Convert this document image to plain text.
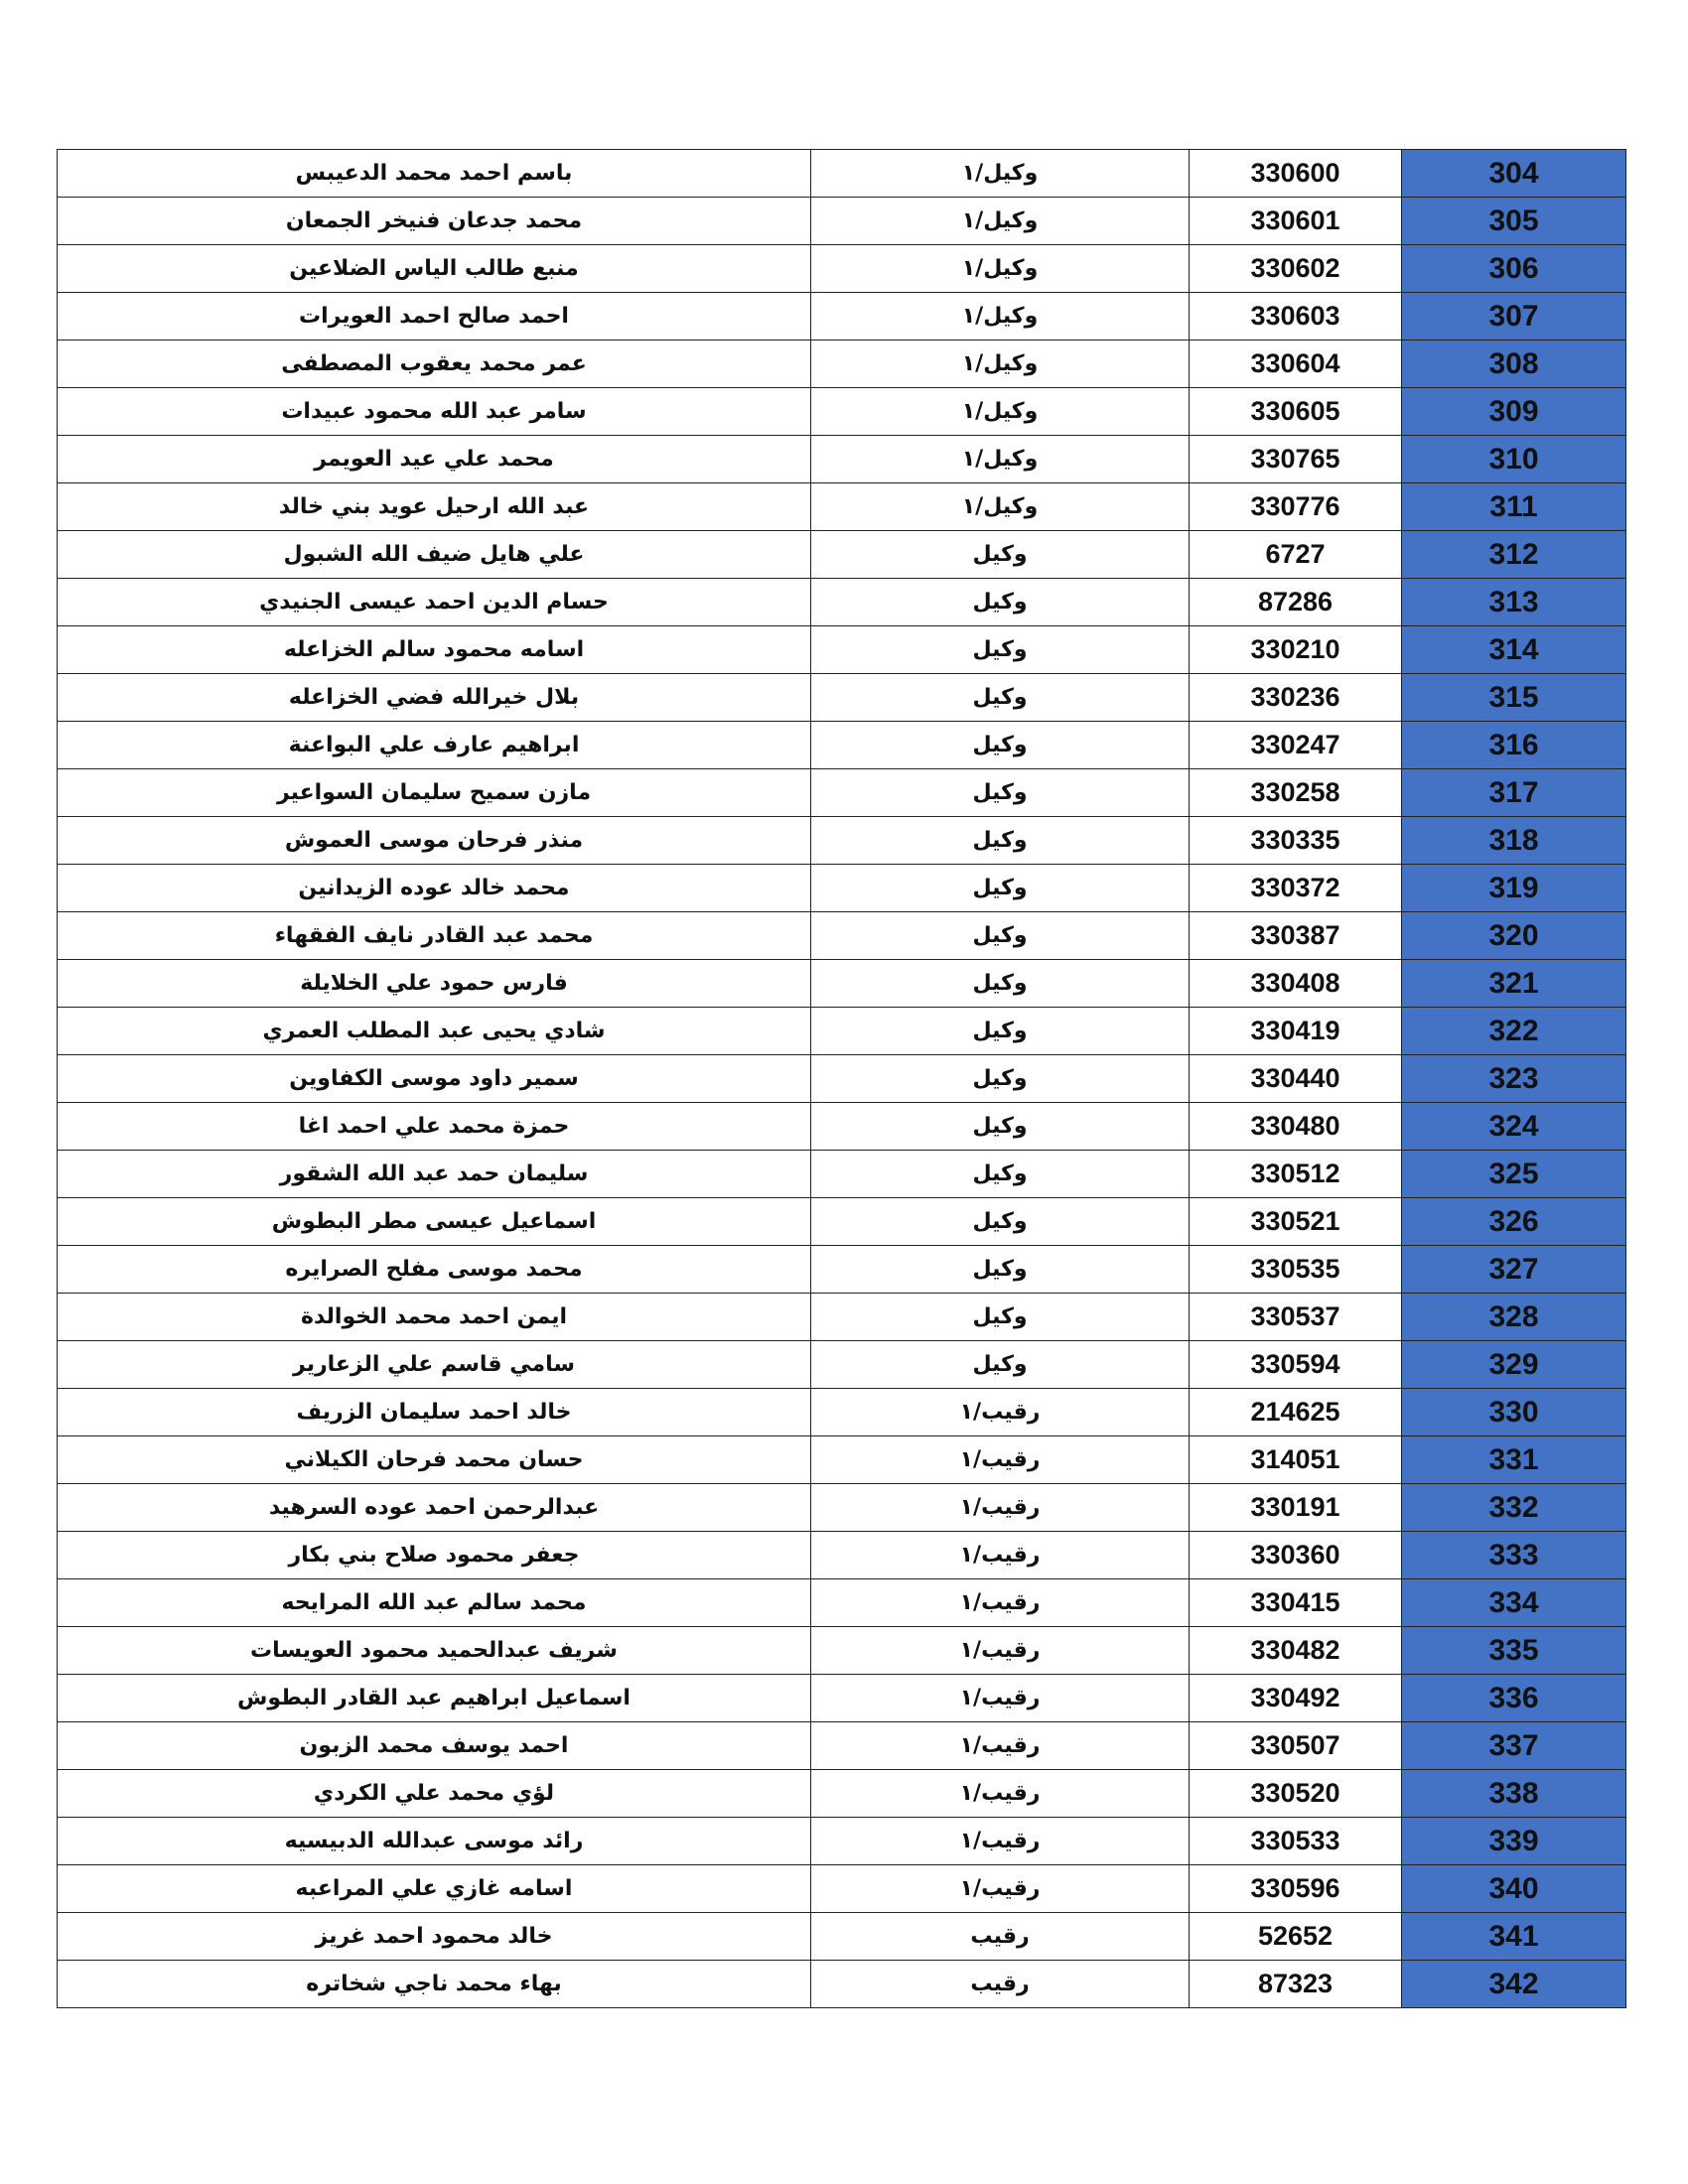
باسم احمد محمد الدعيبس	وكيل/١	330600	304
محمد جدعان فنيخر الجمعان	وكيل/١	330601	305
منبع طالب الياس الضلاعين	وكيل/١	330602	306
احمد صالح احمد العويرات	وكيل/١	330603	307
عمر محمد يعقوب المصطفى	وكيل/١	330604	308
سامر عبد الله محمود عبيدات	وكيل/١	330605	309
محمد علي عيد العويمر	وكيل/١	330765	310
عبد الله ارحيل عويد بني خالد	وكيل/١	330776	311
علي هايل ضيف الله الشبول	وكيل	6727	312
حسام الدين احمد عيسى الجنيدي	وكيل	87286	313
اسامه محمود سالم الخزاعله	وكيل	330210	314
بلال خيرالله فضي الخزاعله	وكيل	330236	315
ابراهيم عارف علي البواعنة	وكيل	330247	316
مازن سميح سليمان السواعير	وكيل	330258	317
منذر فرحان موسى العموش	وكيل	330335	318
محمد خالد عوده الزيدانين	وكيل	330372	319
محمد عبد القادر نايف الفقهاء	وكيل	330387	320
فارس حمود علي الخلايلة	وكيل	330408	321
شادي يحيى عبد المطلب العمري	وكيل	330419	322
سمير داود موسى الكفاوين	وكيل	330440	323
حمزة محمد علي احمد اغا	وكيل	330480	324
سليمان حمد عبد الله الشقور	وكيل	330512	325
اسماعيل عيسى مطر البطوش	وكيل	330521	326
محمد موسى مفلح الصرايره	وكيل	330535	327
ايمن احمد محمد الخوالدة	وكيل	330537	328
سامي قاسم علي الزعارير	وكيل	330594	329
خالد احمد سليمان الزريف	رقيب/١	214625	330
حسان محمد فرحان الكيلاني	رقيب/١	314051	331
عبدالرحمن احمد عوده السرهيد	رقيب/١	330191	332
جعفر محمود صلاح بني بكار	رقيب/١	330360	333
محمد سالم عبد الله المرايحه	رقيب/١	330415	334
شريف عبدالحميد محمود العويسات	رقيب/١	330482	335
اسماعيل ابراهيم عبد القادر البطوش	رقيب/١	330492	336
احمد يوسف محمد الزبون	رقيب/١	330507	337
لؤي محمد علي الكردي	رقيب/١	330520	338
رائد موسى عبدالله الدبيسيه	رقيب/١	330533	339
اسامه غازي علي المراعبه	رقيب/١	330596	340
خالد محمود احمد غريز	رقيب	52652	341
بهاء محمد ناجي شخاتره	رقيب	87323	342
